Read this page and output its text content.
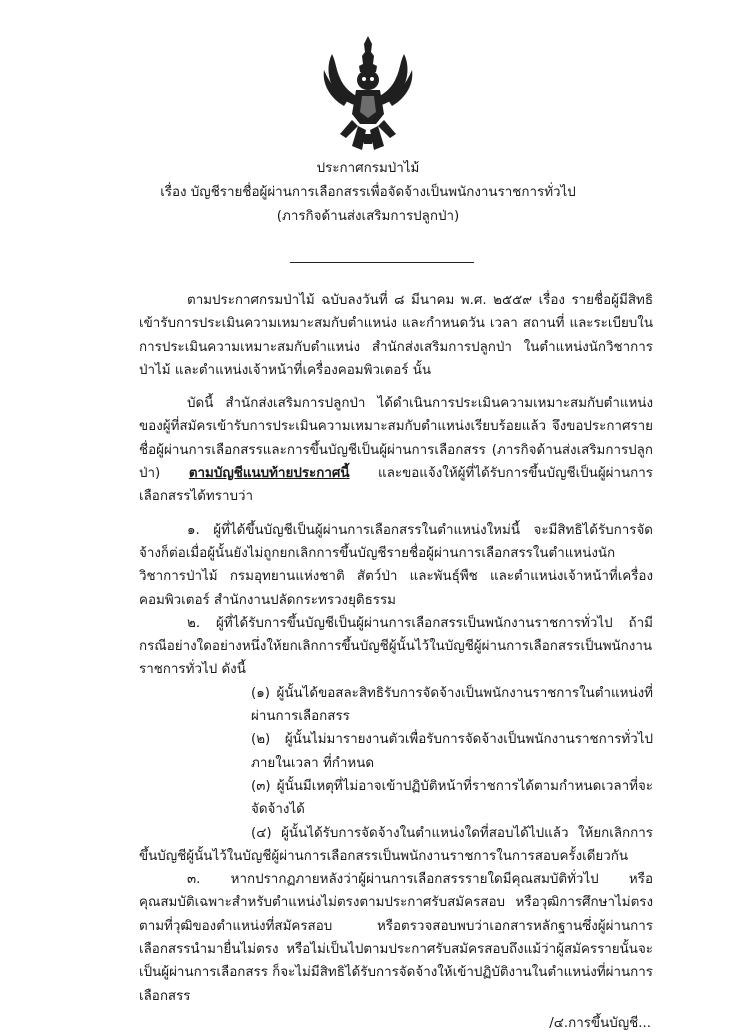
ประกาศกรมป่าไม้
เรื่อง บัญชีรายชื่อผู้ผ่านการเลือกสรรเพื่อจัดจ้างเป็นพนักงานราชการทั่วไป
(ภารกิจด้านส่งเสริมการปลูกป่า)

ตามประกาศกรมป่าไม้ ฉบับลงวันที่ ๘ มีนาคม พ.ศ. ๒๕๕๙ เรื่อง รายชื่อผู้มีสิทธิเข้ารับการประเมินความเหมาะสมกับตำแหน่ง และกำหนดวัน เวลา สถานที่ และระเบียบในการประเมินความเหมาะสมกับตำแหน่ง สำนักส่งเสริมการปลูกป่า ในตำแหน่งนักวิชาการป่าไม้ และตำแหน่งเจ้าหน้าที่เครื่องคอมพิวเตอร์ นั้น

บัดนี้ สำนักส่งเสริมการปลูกป่า ได้ดำเนินการประเมินความเหมาะสมกับตำแหน่งของผู้ที่สมัครเข้ารับการประเมินความเหมาะสมกับตำแหน่งเรียบร้อยแล้ว จึงขอประกาศรายชื่อผู้ผ่านการเลือกสรรและการขึ้นบัญชีเป็นผู้ผ่านการเลือกสรร (ภารกิจด้านส่งเสริมการปลูกป่า) ตามบัญชีแนบท้ายประกาศนี้ และขอแจ้งให้ผู้ที่ได้รับการขึ้นบัญชีเป็นผู้ผ่านการเลือกสรรได้ทราบว่า

๑. ผู้ที่ได้ขึ้นบัญชีเป็นผู้ผ่านการเลือกสรรในตำแหน่งใหม่นี้ จะมีสิทธิได้รับการจัดจ้างก็ต่อเมื่อผู้นั้นยังไม่ถูกยกเลิกการขึ้นบัญชีรายชื่อผู้ผ่านการเลือกสรรในตำแหน่งนักวิชาการป่าไม้ กรมอุทยานแห่งชาติ สัตว์ป่า และพันธุ์พืช และตำแหน่งเจ้าหน้าที่เครื่องคอมพิวเตอร์ สำนักงานปลัดกระทรวงยุติธรรม

๒. ผู้ที่ได้รับการขึ้นบัญชีเป็นผู้ผ่านการเลือกสรรเป็นพนักงานราชการทั่วไป ถ้ามีกรณีอย่างใดอย่างหนึ่งให้ยกเลิกการขึ้นบัญชีผู้นั้นไว้ในบัญชีผู้ผ่านการเลือกสรรเป็นพนักงานราชการทั่วไป ดังนี้

(๑) ผู้นั้นได้ขอสละสิทธิรับการจัดจ้างเป็นพนักงานราชการในตำแหน่งที่ผ่านการเลือกสรร

(๒) ผู้นั้นไม่มารายงานตัวเพื่อรับการจัดจ้างเป็นพนักงานราชการทั่วไป ภายในเวลา ที่กำหนด

(๓) ผู้นั้นมีเหตุที่ไม่อาจเข้าปฏิบัติหน้าที่ราชการได้ตามกำหนดเวลาที่จะจัดจ้างได้

(๔) ผู้นั้นได้รับการจัดจ้างในตำแหน่งใดที่สอบได้ไปแล้ว ให้ยกเลิกการขึ้นบัญชีผู้นั้นไว้ในบัญชีผู้ผ่านการเลือกสรรเป็นพนักงานราชการในการสอบครั้งเดียวกัน

๓. หากปรากฏภายหลังว่าผู้ผ่านการเลือกสรรรายใดมีคุณสมบัติทั่วไป หรือคุณสมบัติเฉพาะสำหรับตำแหน่งไม่ตรงตามประกาศรับสมัครสอบ หรือวุฒิการศึกษาไม่ตรงตามที่วุฒิของตำแหน่งที่สมัครสอบ หรือตรวจสอบพบว่าเอกสารหลักฐานซึ่งผู้ผ่านการเลือกสรรนำมายื่นไม่ตรง หรือไม่เป็นไปตามประกาศรับสมัครสอบถึงแม้ว่าผู้สมัครรายนั้นจะเป็นผู้ผ่านการเลือกสรร ก็จะไม่มีสิทธิได้รับการจัดจ้างให้เข้าปฏิบัติงานในตำแหน่งที่ผ่านการเลือกสรร

/๔.การขึ้นบัญชี...
